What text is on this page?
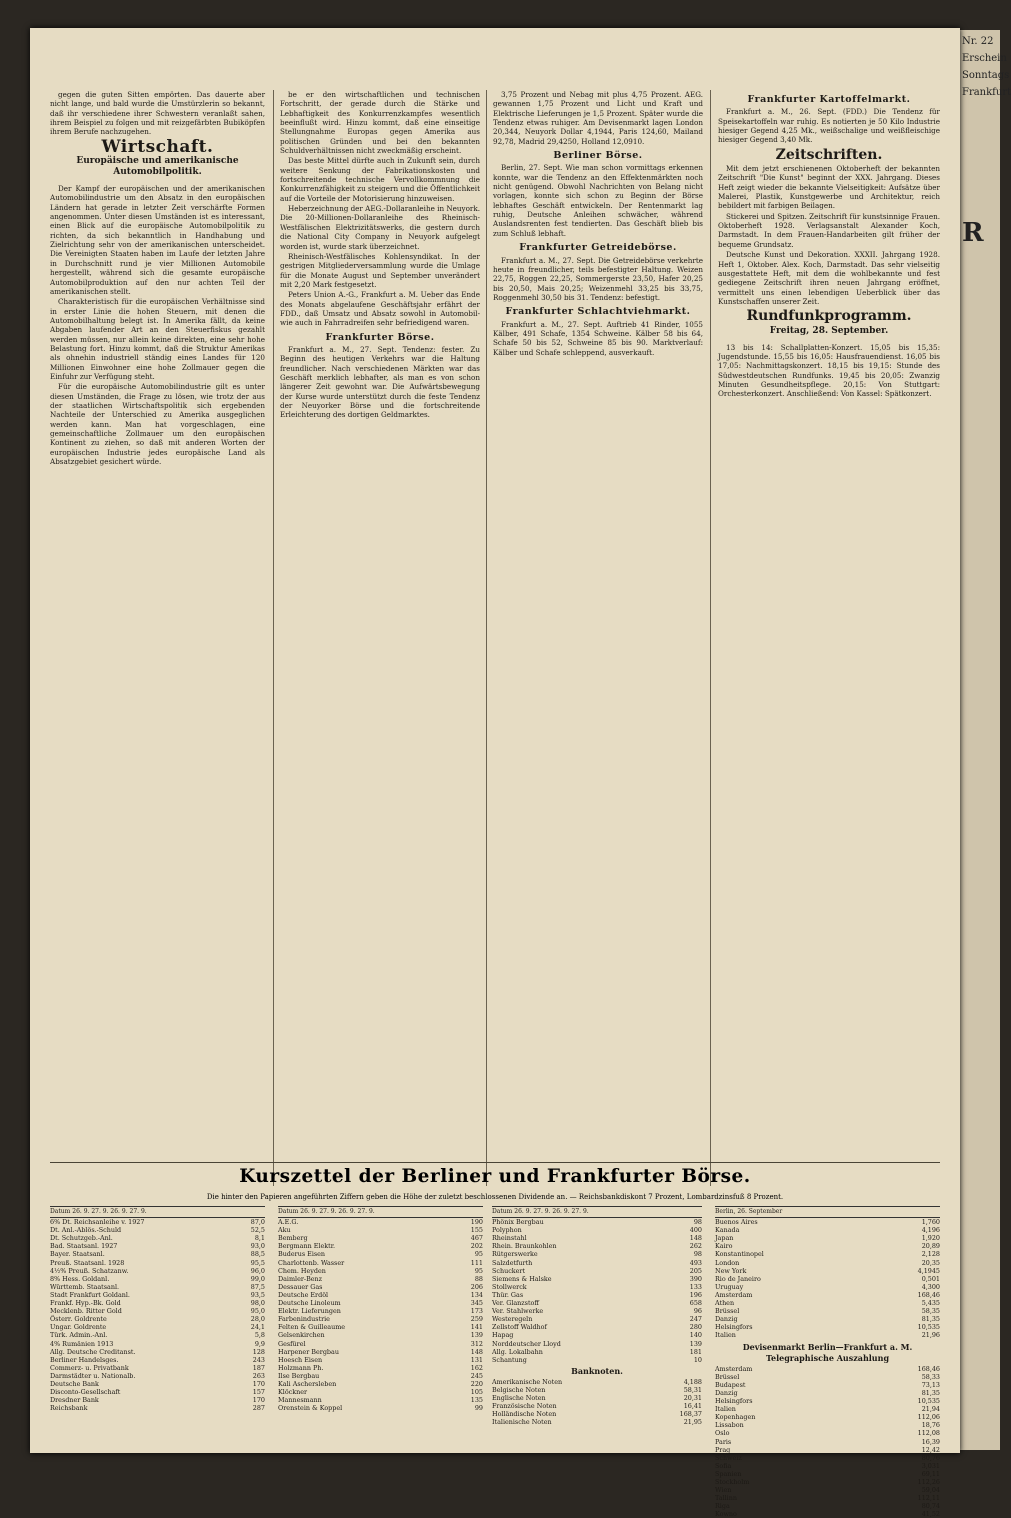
Nr. 22
Erschein
Sonntags
Frankfurt
R

gegen die guten Sitten empörten. Das dauerte aber nicht lange, und bald wurde die Umstürzlerin so bekannt, daß ihr verschiedene ihrer Schwestern veranlaßt sahen, ihrem Beispiel zu folgen und mit reizgefärbten Bubiköpfen ihrem Berufe nachzugehen.

Wirtschaft.
Europäische und amerikanische Automobilpolitik.

Der Kampf der europäischen und der amerikanischen Automobilindustrie um den Absatz in den europäischen Ländern hat gerade in letzter Zeit verschärfte Formen angenommen. Unter diesen Umständen ist es interessant, einen Blick auf die europäische Automobilpolitik zu richten, da sich bekanntlich in Handhabung und Zielrichtung sehr von der amerikanischen unterscheidet. Die Vereinigten Staaten haben im Laufe der letzten Jahre in Durchschnitt rund je vier Millionen Automobile hergestellt, während sich die gesamte europäische Automobilproduktion auf den nur achten Teil der amerikanischen stellt.

Charakteristisch für die europäischen Verhältnisse sind in erster Linie die hohen Steuern, mit denen die Automobilhaltung belegt ist. In Amerika fällt, da keine Abgaben laufender Art an den Steuerfiskus gezahlt werden müssen, nur allein keine direkten, eine sehr hohe Belastung fort. Hinzu kommt, daß die Struktur Amerikas als ohnehin industriell ständig eines Landes für 120 Millionen Einwohner eine hohe Zollmauer gegen die Einfuhr zur Verfügung steht.

Für die europäische Automobilindustrie gilt es unter diesen Umständen, die Frage zu lösen, wie trotz der aus der staatlichen Wirtschaftspolitik sich ergebenden Nachteile der Unterschied zu Amerika ausgeglichen werden kann. Man hat vorgeschlagen, eine gemeinschaftliche Zollmauer um den europäischen Kontinent zu ziehen, so daß mit anderen Worten der europäischen Industrie jedes europäische Land als Absatzgebiet gesichert würde.

be er den wirtschaftlichen und technischen Fortschritt, der gerade durch die Stärke und Lebhaftigkeit des Konkurrenzkampfes wesentlich beeinflußt wird. Hinzu kommt, daß eine einseitige Stellungnahme Europas gegen Amerika aus politischen Gründen und bei den bekannten Schuldverhältnissen nicht zweckmäßig erscheint.

Das beste Mittel dürfte auch in Zukunft sein, durch weitere Senkung der Fabrikationskosten und fortschreitende technische Vervollkommnung die Konkurrenzfähigkeit zu steigern und die Öffentlichkeit auf die Vorteile der Motorisierung hinzuweisen.

Heberzeichnung der AEG.-Dollaranleihe in Neuyork. Die 20-Millionen-Dollaranleihe des Rheinisch-Westfälischen Elektrizitätswerks, die gestern durch die National City Company in Neuyork aufgelegt worden ist, wurde stark überzeichnet.

Rheinisch-Westfälisches Kohlensyndikat. In der gestrigen Mitgliederversammlung wurde die Umlage für die Monate August und September unverändert mit 2,20 Mark festgesetzt.

Peters Union A.-G., Frankfurt a. M. Ueber das Ende des Monats abgelaufene Geschäftsjahr erfährt der FDD., daß Umsatz und Absatz sowohl in Automobil- wie auch in Fahrradreifen sehr befriedigend waren.

Frankfurter Börse.

Frankfurt a. M., 27. Sept. Tendenz: fester. Zu Beginn des heutigen Verkehrs war die Haltung freundlicher. Nach verschiedenen Märkten war das Geschäft merklich lebhafter, als man es von schon längerer Zeit gewohnt war. Die Aufwärtsbewegung der Kurse wurde unterstützt durch die feste Tendenz der Neuyorker Börse und die fortschreitende Erleichterung des dortigen Geldmarktes.

3,75 Prozent und Nebag mit plus 4,75 Prozent. AEG. gewannen 1,75 Prozent und Licht und Kraft und Elektrische Lieferungen je 1,5 Prozent. Später wurde die Tendenz etwas ruhiger. Am Devisenmarkt lagen London 20,344, Neuyork Dollar 4,1944, Paris 124,60, Mailand 92,78, Madrid 29,4250, Holland 12,0910.

Berliner Börse.

Berlin, 27. Sept. Wie man schon vormittags erkennen konnte, war die Tendenz an den Effektenmärkten noch nicht genügend. Obwohl Nachrichten von Belang nicht vorlagen, konnte sich schon zu Beginn der Börse lebhaftes Geschäft entwickeln. Der Rentenmarkt lag ruhig, Deutsche Anleihen schwächer, während Auslandsrenten fest tendierten. Das Geschäft blieb bis zum Schluß lebhaft.

Frankfurter Getreidebörse.

Frankfurt a. M., 27. Sept. Die Getreidebörse verkehrte heute in freundlicher, teils befestigter Haltung. Weizen 22,75, Roggen 22,25, Sommergerste 23,50, Hafer 20,25 bis 20,50, Mais 20,25; Weizenmehl 33,25 bis 33,75, Roggenmehl 30,50 bis 31. Tendenz: befestigt.

Frankfurter Schlachtviehmarkt.

Frankfurt a. M., 27. Sept. Auftrieb 41 Rinder, 1055 Kälber, 491 Schafe, 1354 Schweine. Kälber 58 bis 64, Schafe 50 bis 52, Schweine 85 bis 90. Marktverlauf: Kälber und Schafe schleppend, ausverkauft.

Frankfurter Kartoffelmarkt.

Frankfurt a. M., 26. Sept. (FDD.) Die Tendenz für Speisekartoffeln war ruhig. Es notierten je 50 Kilo Industrie hiesiger Gegend 4,25 Mk., weißschalige und weißfleischige hiesiger Gegend 3,40 Mk.

Zeitschriften.

Mit dem jetzt erschienenen Oktoberheft der bekannten Zeitschrift "Die Kunst" beginnt der XXX. Jahrgang. Dieses Heft zeigt wieder die bekannte Vielseitigkeit: Aufsätze über Malerei, Plastik, Kunstgewerbe und Architektur, reich bebildert mit farbigen Beilagen.

Stickerei und Spitzen. Zeitschrift für kunstsinnige Frauen. Oktoberheft 1928. Verlagsanstalt Alexander Koch, Darmstadt. In dem Frauen-Handarbeiten gilt früher der bequeme Grundsatz.

Deutsche Kunst und Dekoration. XXXII. Jahrgang 1928. Heft 1, Oktober. Alex. Koch, Darmstadt. Das sehr vielseitig ausgestattete Heft, mit dem die wohlbekannte und fest gediegene Zeitschrift ihren neuen Jahrgang eröffnet, vermittelt uns einen lebendigen Ueberblick über das Kunstschaffen unserer Zeit.

Rundfunkprogramm.
Freitag, 28. September.

13 bis 14: Schallplatten-Konzert. 15,05 bis 15,35: Jugendstunde. 15,55 bis 16,05: Hausfrauendienst. 16,05 bis 17,05: Nachmittagskonzert. 18,15 bis 19,15: Stunde des Südwestdeutschen Rundfunks. 19,45 bis 20,05: Zwanzig Minuten Gesundheitspflege. 20,15: Von Stuttgart: Orchesterkonzert. Anschließend: Von Kassel: Spätkonzert.

Kurszettel der Berliner und Frankfurter Börse.
Die hinter den Papieren angeführten Ziffern geben die Höhe der zuletzt beschlossenen Dividende an. — Reichsbankdiskont 7 Prozent, Lombardzinsfuß 8 Prozent.
Datum 26. 9. 27. 9. 26. 9. 27. 9.
6% Dt. Reichsanleihe v. 1927	87,0
Dt. Anl.-Ablös.-Schuld	52,5
Dt. Schutzgeb.-Anl.	8,1
Bad. Staatsanl. 1927	93,0
Bayer. Staatsanl.	88,5
Preuß. Staatsanl. 1928	95,5
4½% Preuß. Schatzanw.	96,0
8% Hess. Goldanl.	99,0
Württemb. Staatsanl.	87,5
Stadt Frankfurt Goldanl.	93,5
Frankf. Hyp.-Bk. Gold	98,0
Mecklenb. Ritter Gold	95,0
Österr. Goldrente	28,0
Ungar. Goldrente	24,1
Türk. Admin.-Anl.	5,8
4% Rumänien 1913	9,9
Allg. Deutsche Creditanst.	128
Berliner Handelsges.	243
Commerz- u. Privatbank	187
Darmstädter u. Nationalb.	263
Deutsche Bank	170
Disconto-Gesellschaft	157
Dresdner Bank	170
Reichsbank	287
Datum 26. 9. 27. 9. 26. 9. 27. 9.
A.E.G.	190
Aku	155
Bemberg	467
Bergmann Elektr.	202
Buderus Eisen	95
Charlottenb. Wasser	111
Chem. Heyden	95
Daimler-Benz	88
Dessauer Gas	206
Deutsche Erdöl	134
Deutsche Linoleum	345
Elektr. Lieferungen	173
Farbenindustrie	259
Felten & Guilleaume	141
Gelsenkirchen	139
Gesfürel	312
Harpener Bergbau	148
Hoesch Eisen	131
Holzmann Ph.	162
Ilse Bergbau	245
Kali Aschersleben	220
Klöckner	105
Mannesmann	135
Orenstein & Koppel	99
Datum 26. 9. 27. 9. 26. 9. 27. 9.
Phönix Bergbau	98
Polyphon	400
Rheinstahl	148
Rhein. Braunkohlen	262
Rütgerswerke	98
Salzdetfurth	493
Schuckert	205
Siemens & Halske	390
Stollwerck	133
Thür. Gas	196
Ver. Glanzstoff	658
Ver. Stahlwerke	96
Westeregeln	247
Zellstoff Waldhof	280
Hapag	140
Norddeutscher Lloyd	139
Allg. Lokalbahn	181
Schantung	10
Banknoten.
Amerikanische Noten	4,188
Belgische Noten	58,31
Englische Noten	20,31
Französische Noten	16,41
Holländische Noten	168,37
Italienische Noten	21,95
Berlin, 26. September
Buenos Aires	1,760
Kanada	4,196
Japan	1,920
Kairo	20,89
Konstantinopel	2,128
London	20,35
New York	4,1945
Rio de Janeiro	0,501
Uruguay	4,300
Amsterdam	168,46
Athen	5,435
Brüssel	58,35
Danzig	81,35
Helsingfors	10,535
Italien	21,96
Devisenmarkt Berlin—Frankfurt a. M.
Telegraphische Auszahlung
Amsterdam	168,46
Brüssel	58,33
Budapest	73,13
Danzig	81,35
Helsingfors	10,535
Italien	21,94
Kopenhagen	112,06
Lissabon	18,76
Oslo	112,08
Paris	16,39
Prag	12,42
Schweiz	80,76
Sofia	3,031
Spanien	69,11
Stockholm	112,26
Wien	59,04
Tallinn	112,11
Riga	80,74
Kowno	41,52
